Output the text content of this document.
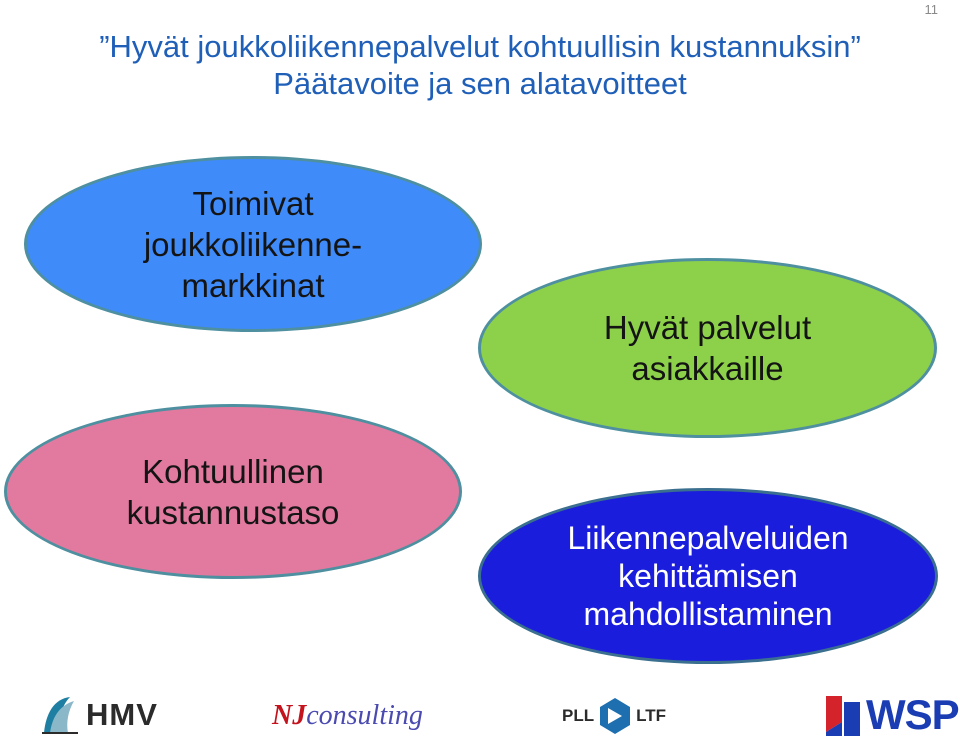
11
”Hyvät joukkoliikennepalvelut kohtuullisin kustannuksin”
Päätavoite ja sen alatavoitteet
Toimivat
joukkoliikenne-
markkinat
Hyvät palvelut
asiakkaille
Kohtuullinen
kustannustaso
Liikennepalveluiden
kehittämisen
mahdollistaminen
HMV	NJ consulting	PLL LTF	WSP
